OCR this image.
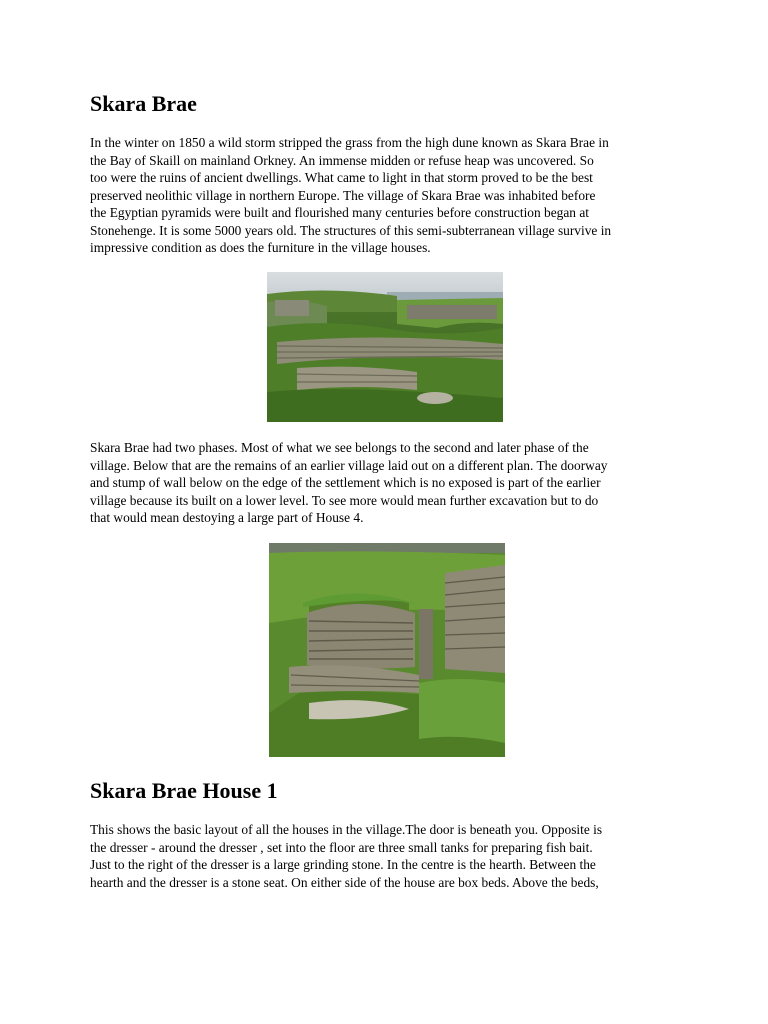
Skara Brae

In the winter on 1850 a wild storm stripped the grass from the high dune known as Skara Brae in
the Bay of Skaill on mainland Orkney. An immense midden or refuse heap was uncovered. So
too were the ruins of ancient dwellings. What came to light in that storm proved to be the best
preserved neolithic village in northern Europe. The village of Skara Brae was inhabited before
the Egyptian pyramids were built and flourished many centuries before construction began at
Stonehenge. It is some 5000 years old. The structures of this semi-subterranean village survive in
impressive condition as does the furniture in the village houses.

Skara Brae had two phases. Most of what we see belongs to the second and later phase of the
village. Below that are the remains of an earlier village laid out on a different plan. The doorway
and stump of wall below on the edge of the settlement which is no exposed is part of the earlier
village because its built on a lower level. To see more would mean further excavation but to do
that would mean destoying a large part of House 4.

Skara Brae House 1

This shows the basic layout of all the houses in the village.The door is beneath you. Opposite is
the dresser - around the dresser , set into the floor are three small tanks for preparing fish bait.
Just to the right of the dresser is a large grinding stone. In the centre is the hearth. Between the
hearth and the dresser is a stone seat. On either side of the house are box beds. Above the beds,
